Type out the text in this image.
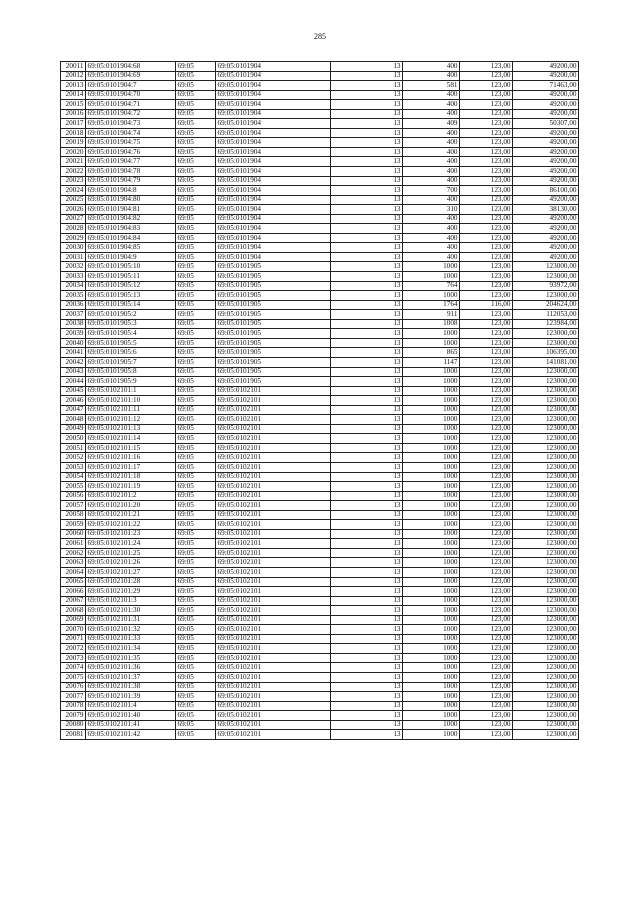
285
20011	69:05:0101904:68	69:05	69:05:0101904	13	400	123,00	49200,00
20012	69:05:0101904:69	69:05	69:05:0101904	13	400	123,00	49200,00
20013	69:05:0101904:7	69:05	69:05:0101904	13	581	123,00	71463,00
20014	69:05:0101904:70	69:05	69:05:0101904	13	400	123,00	49200,00
20015	69:05:0101904:71	69:05	69:05:0101904	13	400	123,00	49200,00
20016	69:05:0101904:72	69:05	69:05:0101904	13	400	123,00	49200,00
20017	69:05:0101904:73	69:05	69:05:0101904	13	409	123,00	50307,00
20018	69:05:0101904:74	69:05	69:05:0101904	13	400	123,00	49200,00
20019	69:05:0101904:75	69:05	69:05:0101904	13	400	123,00	49200,00
20020	69:05:0101904:76	69:05	69:05:0101904	13	400	123,00	49200,00
20021	69:05:0101904:77	69:05	69:05:0101904	13	400	123,00	49200,00
20022	69:05:0101904:78	69:05	69:05:0101904	13	400	123,00	49200,00
20023	69:05:0101904:79	69:05	69:05:0101904	13	400	123,00	49200,00
20024	69:05:0101904:8	69:05	69:05:0101904	13	700	123,00	86100,00
20025	69:05:0101904:80	69:05	69:05:0101904	13	400	123,00	49200,00
20026	69:05:0101904:81	69:05	69:05:0101904	13	310	123,00	38130,00
20027	69:05:0101904:82	69:05	69:05:0101904	13	400	123,00	49200,00
20028	69:05:0101904:83	69:05	69:05:0101904	13	400	123,00	49200,00
20029	69:05:0101904:84	69:05	69:05:0101904	13	400	123,00	49200,00
20030	69:05:0101904:85	69:05	69:05:0101904	13	400	123,00	49200,00
20031	69:05:0101904:9	69:05	69:05:0101904	13	400	123,00	49200,00
20032	69:05:0101905:10	69:05	69:05:0101905	13	1000	123,00	123000,00
20033	69:05:0101905:11	69:05	69:05:0101905	13	1000	123,00	123000,00
20034	69:05:0101905:12	69:05	69:05:0101905	13	764	123,00	93972,00
20035	69:05:0101905:13	69:05	69:05:0101905	13	1000	123,00	123000,00
20036	69:05:0101905:14	69:05	69:05:0101905	13	1764	116,00	204624,00
20037	69:05:0101905:2	69:05	69:05:0101905	13	911	123,00	112053,00
20038	69:05:0101905:3	69:05	69:05:0101905	13	1008	123,00	123984,00
20039	69:05:0101905:4	69:05	69:05:0101905	13	1000	123,00	123000,00
20040	69:05:0101905:5	69:05	69:05:0101905	13	1000	123,00	123000,00
20041	69:05:0101905:6	69:05	69:05:0101905	13	865	123,00	106395,00
20042	69:05:0101905:7	69:05	69:05:0101905	13	1147	123,00	141081,00
20043	69:05:0101905:8	69:05	69:05:0101905	13	1000	123,00	123000,00
20044	69:05:0101905:9	69:05	69:05:0101905	13	1000	123,00	123000,00
20045	69:05:0102101:1	69:05	69:05:0102101	13	1000	123,00	123000,00
20046	69:05:0102101:10	69:05	69:05:0102101	13	1000	123,00	123000,00
20047	69:05:0102101:11	69:05	69:05:0102101	13	1000	123,00	123000,00
20048	69:05:0102101:12	69:05	69:05:0102101	13	1000	123,00	123000,00
20049	69:05:0102101:13	69:05	69:05:0102101	13	1000	123,00	123000,00
20050	69:05:0102101:14	69:05	69:05:0102101	13	1000	123,00	123000,00
20051	69:05:0102101:15	69:05	69:05:0102101	13	1000	123,00	123000,00
20052	69:05:0102101:16	69:05	69:05:0102101	13	1000	123,00	123000,00
20053	69:05:0102101:17	69:05	69:05:0102101	13	1000	123,00	123000,00
20054	69:05:0102101:18	69:05	69:05:0102101	13	1000	123,00	123000,00
20055	69:05:0102101:19	69:05	69:05:0102101	13	1000	123,00	123000,00
20056	69:05:0102101:2	69:05	69:05:0102101	13	1000	123,00	123000,00
20057	69:05:0102101:20	69:05	69:05:0102101	13	1000	123,00	123000,00
20058	69:05:0102101:21	69:05	69:05:0102101	13	1000	123,00	123000,00
20059	69:05:0102101:22	69:05	69:05:0102101	13	1000	123,00	123000,00
20060	69:05:0102101:23	69:05	69:05:0102101	13	1000	123,00	123000,00
20061	69:05:0102101:24	69:05	69:05:0102101	13	1000	123,00	123000,00
20062	69:05:0102101:25	69:05	69:05:0102101	13	1000	123,00	123000,00
20063	69:05:0102101:26	69:05	69:05:0102101	13	1000	123,00	123000,00
20064	69:05:0102101:27	69:05	69:05:0102101	13	1000	123,00	123000,00
20065	69:05:0102101:28	69:05	69:05:0102101	13	1000	123,00	123000,00
20066	69:05:0102101:29	69:05	69:05:0102101	13	1000	123,00	123000,00
20067	69:05:0102101:3	69:05	69:05:0102101	13	1000	123,00	123000,00
20068	69:05:0102101:30	69:05	69:05:0102101	13	1000	123,00	123000,00
20069	69:05:0102101:31	69:05	69:05:0102101	13	1000	123,00	123000,00
20070	69:05:0102101:32	69:05	69:05:0102101	13	1000	123,00	123000,00
20071	69:05:0102101:33	69:05	69:05:0102101	13	1000	123,00	123000,00
20072	69:05:0102101:34	69:05	69:05:0102101	13	1000	123,00	123000,00
20073	69:05:0102101:35	69:05	69:05:0102101	13	1000	123,00	123000,00
20074	69:05:0102101:36	69:05	69:05:0102101	13	1000	123,00	123000,00
20075	69:05:0102101:37	69:05	69:05:0102101	13	1000	123,00	123000,00
20076	69:05:0102101:38	69:05	69:05:0102101	13	1000	123,00	123000,00
20077	69:05:0102101:39	69:05	69:05:0102101	13	1000	123,00	123000,00
20078	69:05:0102101:4	69:05	69:05:0102101	13	1000	123,00	123000,00
20079	69:05:0102101:40	69:05	69:05:0102101	13	1000	123,00	123000,00
20080	69:05:0102101:41	69:05	69:05:0102101	13	1000	123,00	123000,00
20081	69:05:0102101:42	69:05	69:05:0102101	13	1000	123,00	123000,00
